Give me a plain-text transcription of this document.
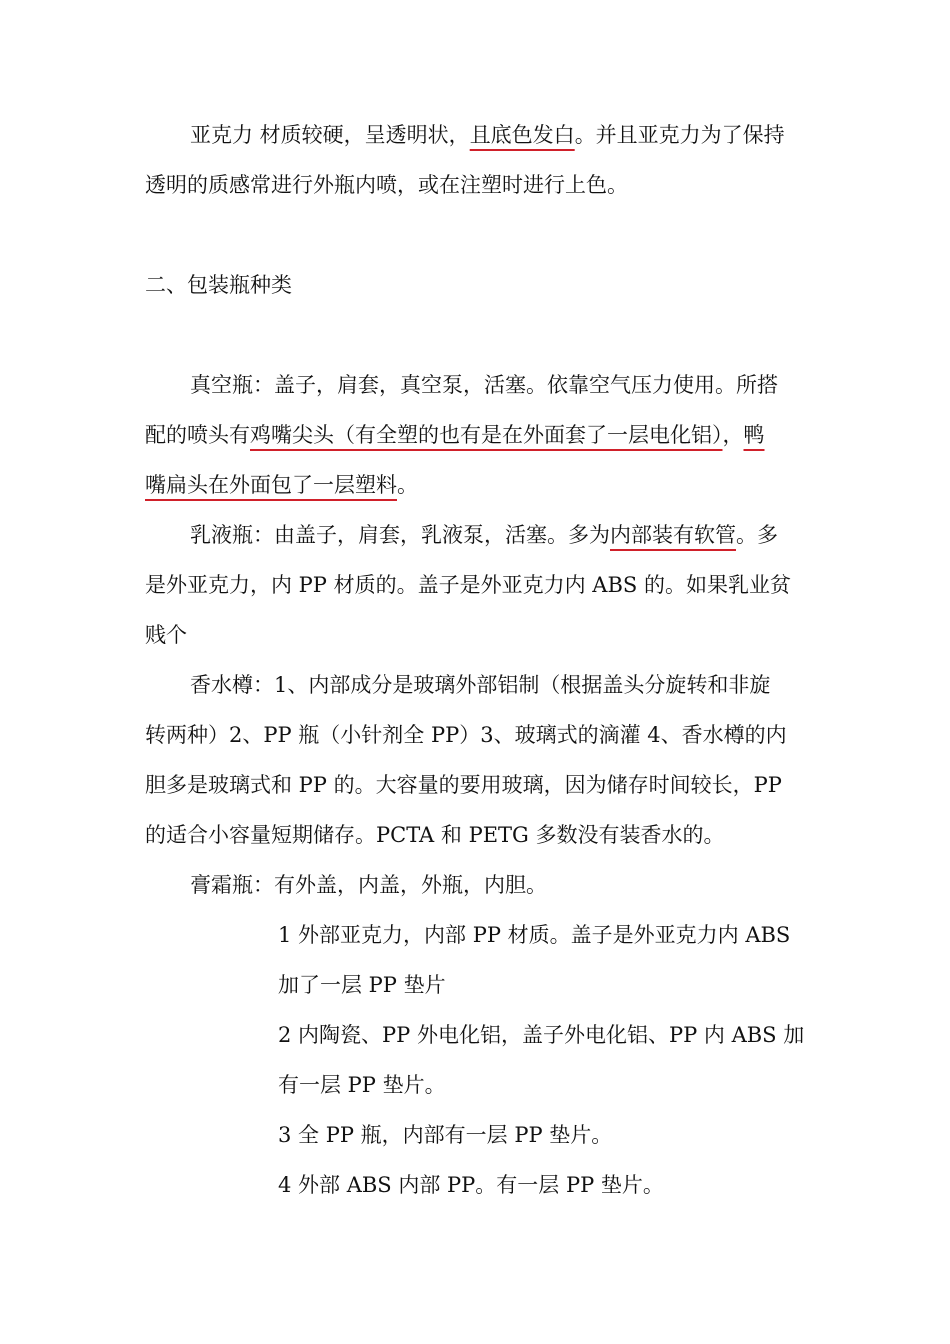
亚克力 材质较硬，呈透明状，且底色发白。并且亚克力为了保持
透明的质感常进行外瓶内喷，或在注塑时进行上色。
二、包装瓶种类
真空瓶：盖子，肩套，真空泵，活塞。依靠空气压力使用。所搭
配的喷头有鸡嘴尖头（有全塑的也有是在外面套了一层电化铝），鸭
嘴扁头在外面包了一层塑料。
乳液瓶：由盖子，肩套，乳液泵，活塞。多为内部装有软管。多
是外亚克力，内 PP 材质的。盖子是外亚克力内 ABS 的。如果乳业贫
贱个
香水樽：1、内部成分是玻璃外部铝制（根据盖头分旋转和非旋
转两种）2、PP 瓶（小针剂全 PP）3、玻璃式的滴灌 4、香水樽的内
胆多是玻璃式和 PP 的。大容量的要用玻璃，因为储存时间较长，PP
的适合小容量短期储存。PCTA 和 PETG 多数没有装香水的。
膏霜瓶：有外盖，内盖，外瓶，内胆。
1 外部亚克力，内部 PP 材质。盖子是外亚克力内 ABS
加了一层 PP 垫片
2 内陶瓷、PP 外电化铝，盖子外电化铝、PP 内 ABS 加
有一层 PP 垫片。
3 全 PP 瓶，内部有一层 PP 垫片。
4 外部 ABS 内部 PP。有一层 PP 垫片。
